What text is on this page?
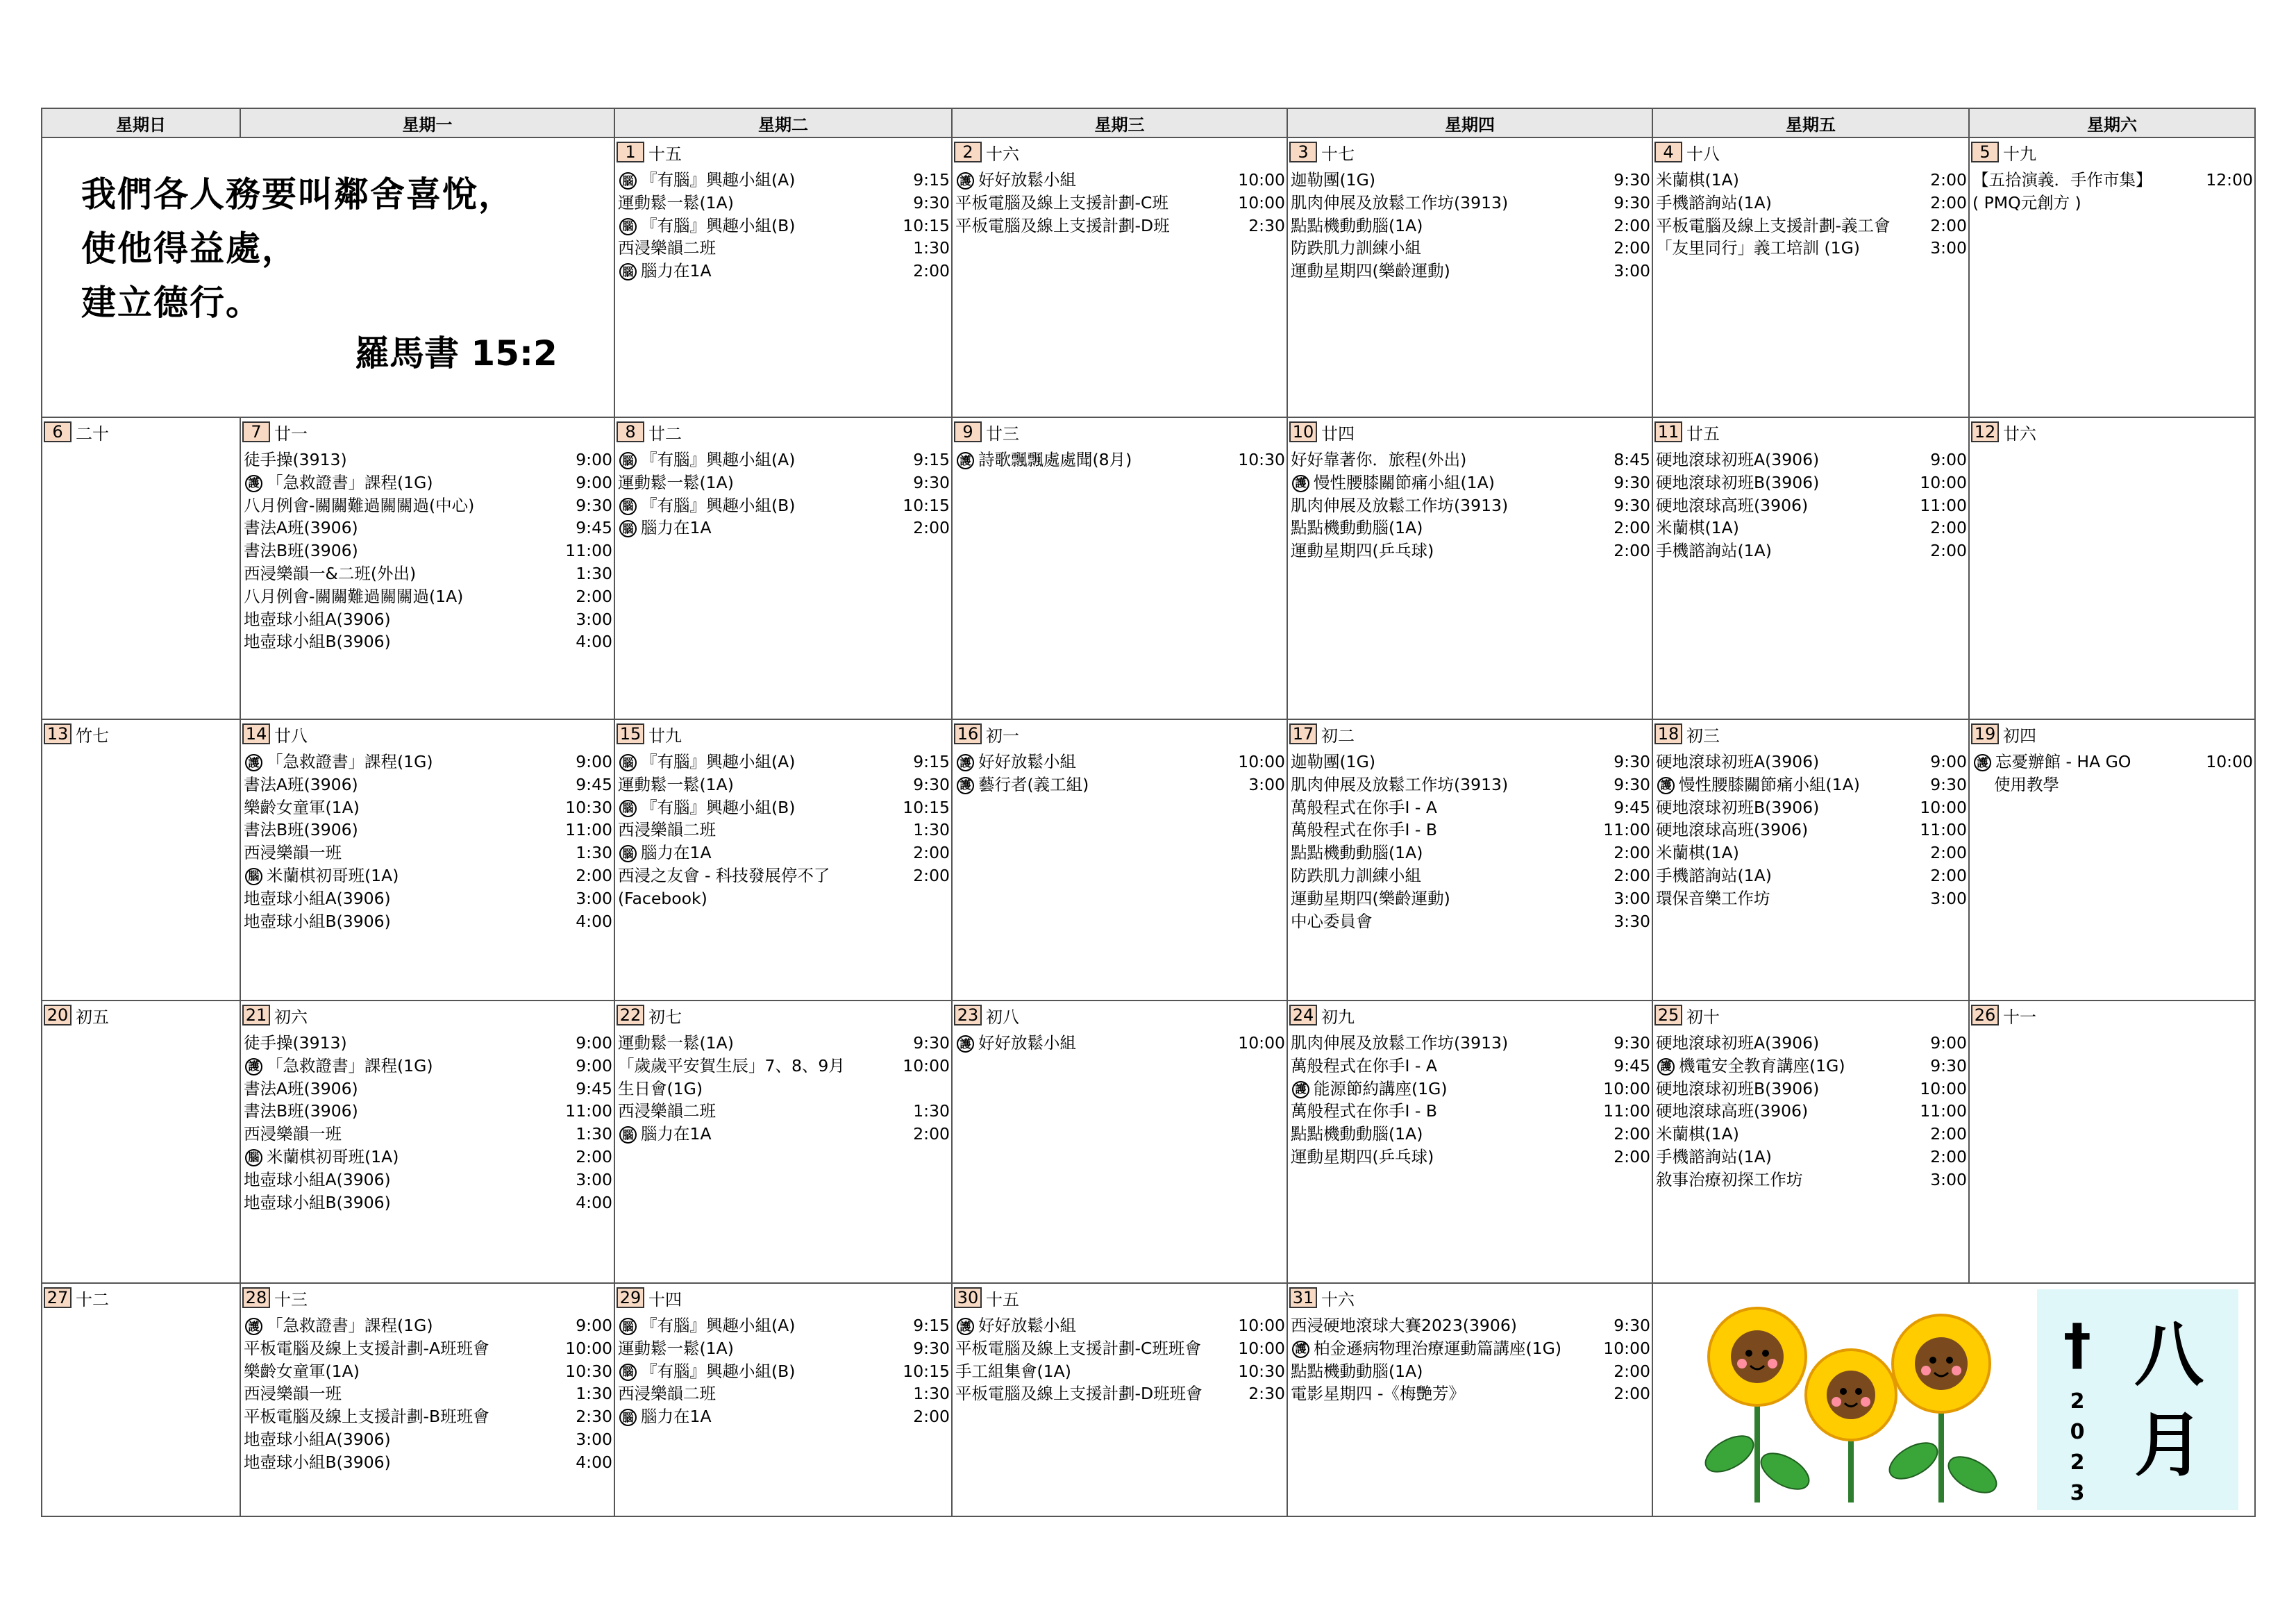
星期日	星期一	星期二	星期三	星期四	星期五	星期六
我們各人務要叫鄰舍喜悅，
使他得益處，
建立德行。
羅馬書 15:2
1 十五
腦 『有腦』興趣小組(A)	9:15
運動鬆一鬆(1A)	9:30
腦 『有腦』興趣小組(B)	10:15
西浸樂韻二班	1:30
腦 腦力在1A	2:00
2 十六
護 好好放鬆小組	10:00
平板電腦及線上支援計劃-C班	10:00
平板電腦及線上支援計劃-D班	2:30
3 十七
迦勒團(1G)	9:30
肌肉伸展及放鬆工作坊(3913)	9:30
點點機動動腦(1A)	2:00
防跌肌力訓練小組	2:00
運動星期四(樂齡運動)	3:00
4 十八
米蘭棋(1A)	2:00
手機諮詢站(1A)	2:00
平板電腦及線上支援計劃-義工會	2:00
「友里同行」義工培訓 (1G)	3:00
5 十九
【五拾演義．手作市集】	12:00
( PMQ元創方 )
6 二十	7 廿一
徒手操(3913)	9:00
護 「急救證書」課程(1G)	9:00
八月例會-關關難過關關過(中心)	9:30
書法A班(3906)	9:45
書法B班(3906)	11:00
西浸樂韻一&二班(外出)	1:30
八月例會-關關難過關關過(1A)	2:00
地壺球小組A(3906)	3:00
地壺球小組B(3906)	4:00
8 廿二
腦 『有腦』興趣小組(A)	9:15
運動鬆一鬆(1A)	9:30
腦 『有腦』興趣小組(B)	10:15
腦 腦力在1A	2:00
9 廿三
護 詩歌飄飄處處聞(8月)	10:30
10 廿四
好好靠著你．旅程(外出)	8:45
護 慢性腰膝關節痛小組(1A)	9:30
肌肉伸展及放鬆工作坊(3913)	9:30
點點機動動腦(1A)	2:00
運動星期四(乒乓球)	2:00
11 廿五
硬地滾球初班A(3906)	9:00
硬地滾球初班B(3906)	10:00
硬地滾球高班(3906)	11:00
米蘭棋(1A)	2:00
手機諮詢站(1A)	2:00
12 廿六
13 竹七	14 廿八
護 「急救證書」課程(1G)	9:00
書法A班(3906)	9:45
樂齡女童軍(1A)	10:30
書法B班(3906)	11:00
西浸樂韻一班	1:30
腦 米蘭棋初哥班(1A)	2:00
地壺球小組A(3906)	3:00
地壺球小組B(3906)	4:00
15 廿九
腦 『有腦』興趣小組(A)	9:15
運動鬆一鬆(1A)	9:30
腦 『有腦』興趣小組(B)	10:15
西浸樂韻二班	1:30
腦 腦力在1A	2:00
西浸之友會 - 科技發展停不了	2:00
(Facebook)
16 初一
護 好好放鬆小組	10:00
護 藝行者(義工組)	3:00
17 初二
迦勒團(1G)	9:30
肌肉伸展及放鬆工作坊(3913)	9:30
萬般程式在你手I - A	9:45
萬般程式在你手I - B	11:00
點點機動動腦(1A)	2:00
防跌肌力訓練小組	2:00
運動星期四(樂齡運動)	3:00
中心委員會	3:30
18 初三
硬地滾球初班A(3906)	9:00
護 慢性腰膝關節痛小組(1A)	9:30
硬地滾球初班B(3906)	10:00
硬地滾球高班(3906)	11:00
米蘭棋(1A)	2:00
手機諮詢站(1A)	2:00
環保音樂工作坊	3:00
19 初四
護 忘憂辦館 - HA GO	10:00
　 使用教學
20 初五	21 初六
徒手操(3913)	9:00
護 「急救證書」課程(1G)	9:00
書法A班(3906)	9:45
書法B班(3906)	11:00
西浸樂韻一班	1:30
腦 米蘭棋初哥班(1A)	2:00
地壺球小組A(3906)	3:00
地壺球小組B(3906)	4:00
22 初七
運動鬆一鬆(1A)	9:30
「歲歲平安賀生辰」7、8、9月	10:00
生日會(1G)
西浸樂韻二班	1:30
腦 腦力在1A	2:00
23 初八
護 好好放鬆小組	10:00
24 初九
肌肉伸展及放鬆工作坊(3913)	9:30
萬般程式在你手I - A	9:45
護 能源節約講座(1G)	10:00
萬般程式在你手I - B	11:00
點點機動動腦(1A)	2:00
運動星期四(乒乓球)	2:00
25 初十
硬地滾球初班A(3906)	9:00
護 機電安全教育講座(1G)	9:30
硬地滾球初班B(3906)	10:00
硬地滾球高班(3906)	11:00
米蘭棋(1A)	2:00
手機諮詢站(1A)	2:00
敘事治療初探工作坊	3:00
26 十一
27 十二	28 十三
護 「急救證書」課程(1G)	9:00
平板電腦及線上支援計劃-A班班會	10:00
樂齡女童軍(1A)	10:30
西浸樂韻一班	1:30
平板電腦及線上支援計劃-B班班會	2:30
地壺球小組A(3906)	3:00
地壺球小組B(3906)	4:00
29 十四
腦 『有腦』興趣小組(A)	9:15
運動鬆一鬆(1A)	9:30
腦 『有腦』興趣小組(B)	10:15
西浸樂韻二班	1:30
腦 腦力在1A	2:00
30 十五
護 好好放鬆小組	10:00
平板電腦及線上支援計劃-C班班會	10:00
手工組集會(1A)	10:30
平板電腦及線上支援計劃-D班班會	2:30
31 十六
西浸硬地滾球大賽2023(3906)	9:30
護 柏金遜病物理治療運動篇講座(1G)	10:00
點點機動動腦(1A)	2:00
電影星期四 -《梅艷芳》	2:00
†
2
0
2
3
八月
